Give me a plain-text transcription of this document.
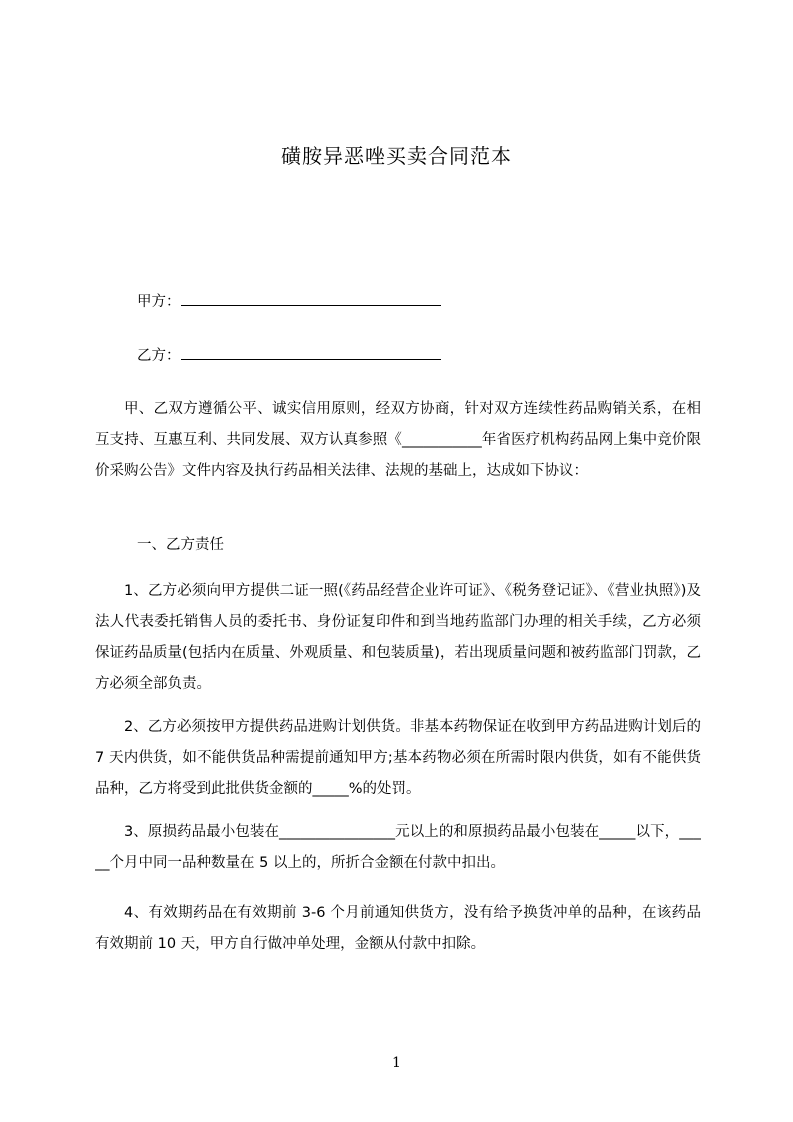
磺胺异恶唑买卖合同范本
甲方：
乙方：
甲、乙双方遵循公平、诚实信用原则，经双方协商，针对双方连续性药品购销关系，在相互支持、互惠互利、共同发展、双方认真参照《___________年省医疗机构药品网上集中竞价限价采购公告》文件内容及执行药品相关法律、法规的基础上，达成如下协议：
一、乙方责任
1、乙方必须向甲方提供二证一照(《药品经营企业许可证》、《税务登记证》、《营业执照》)及法人代表委托销售人员的委托书、身份证复印件和到当地药监部门办理的相关手续，乙方必须保证药品质量(包括内在质量、外观质量、和包装质量)，若出现质量问题和被药监部门罚款，乙方必须全部负责。
2、乙方必须按甲方提供药品进购计划供货。非基本药物保证在收到甲方药品进购计划后的 7 天内供货，如不能供货品种需提前通知甲方;基本药物必须在所需时限内供货，如有不能供货品种，乙方将受到此批供货金额的_____%的处罚。
3、原损药品最小包装在________________元以上的和原损药品最小包装在_____以下，_____个月中同一品种数量在 5 以上的，所折合金额在付款中扣出。
4、有效期药品在有效期前 3-6 个月前通知供货方，没有给予换货冲单的品种，在该药品有效期前 10 天，甲方自行做冲单处理，金额从付款中扣除。
1
